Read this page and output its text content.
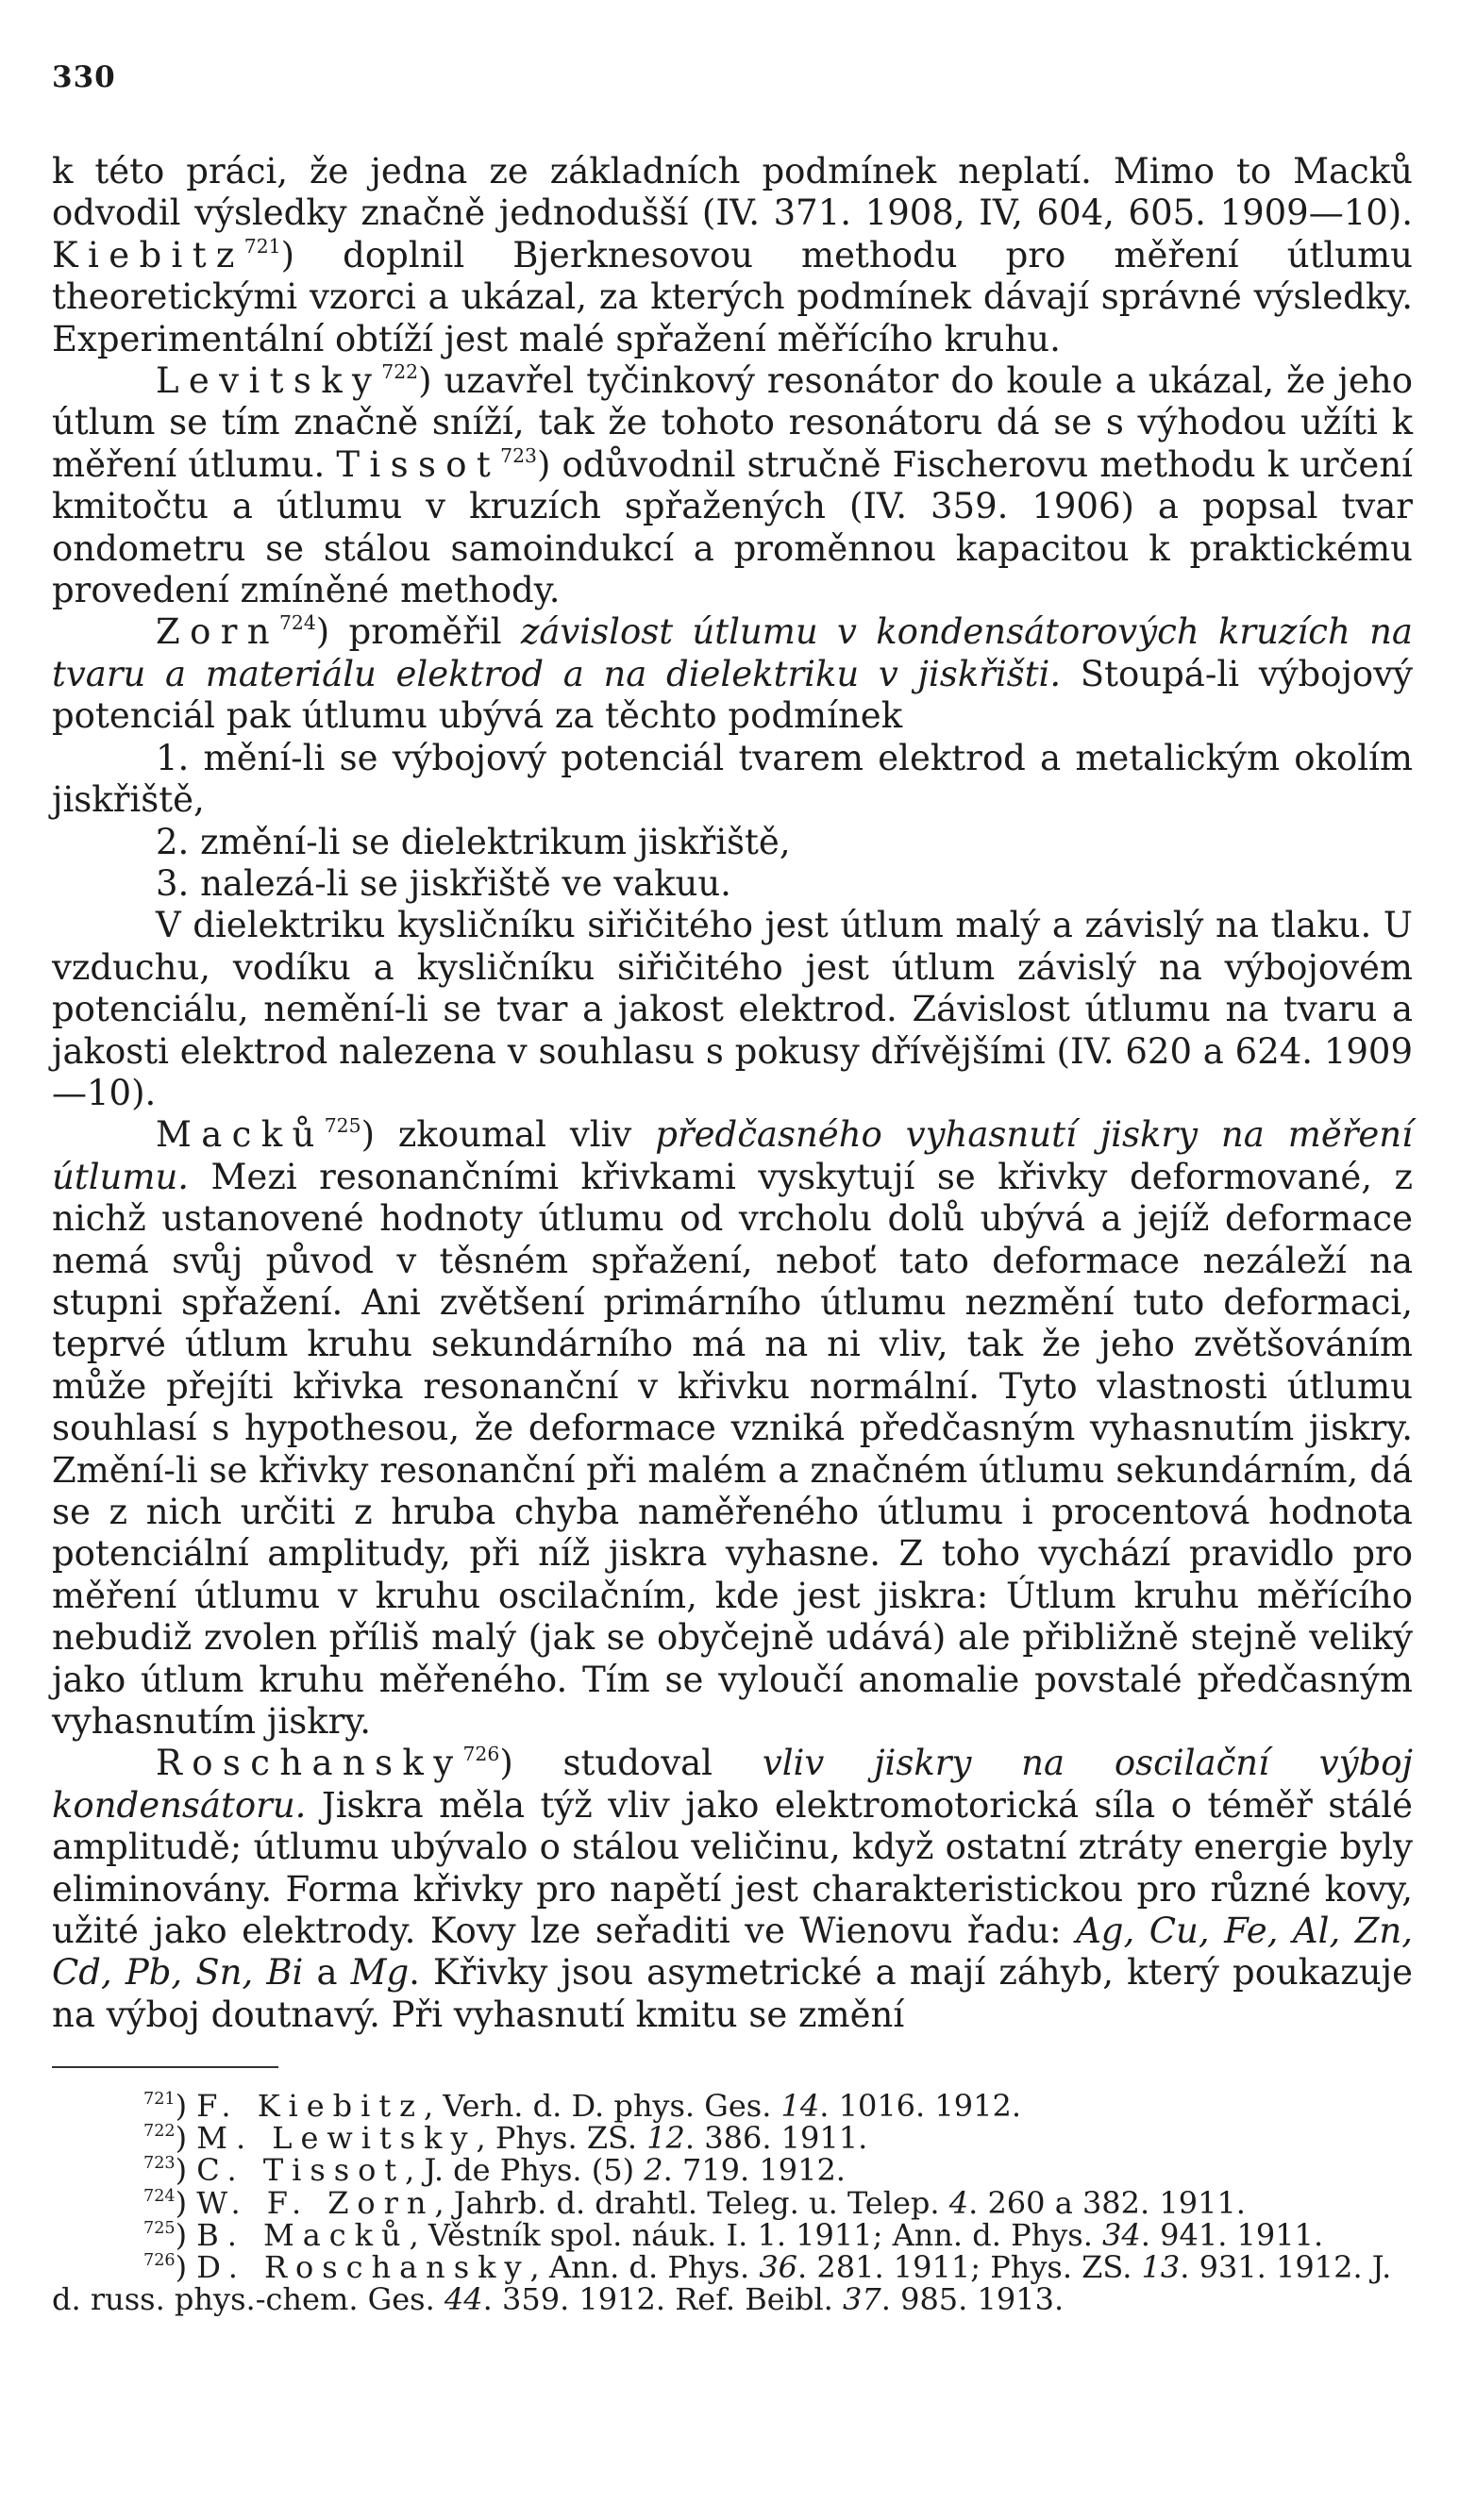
330

k této práci, že jedna ze základních podmínek neplatí. Mimo to Macků odvodil výsledky značně jednodušší (IV. 371. 1908, IV, 604, 605. 1909—10). Kiebitz$^{721}$) doplnil Bjerknesovou methodu pro měření útlumu theoretickými vzorci a ukázal, za kterých podmínek dávají správné výsledky. Experimentální obtíží jest malé spřažení měřícího kruhu.

Levitsky$^{722}$) uzavřel tyčinkový resonátor do koule a ukázal, že jeho útlum se tím značně sníží, tak že tohoto resonátoru dá se s výhodou užíti k měření útlumu. Tissot$^{723}$) odůvodnil stručně Fischerovu methodu k určení kmitočtu a útlumu v kruzích spřažených (IV. 359. 1906) a popsal tvar ondometru se stálou samoindukcí a proměnnou kapacitou k praktickému provedení zmíněné methody.

Zorn$^{724}$) proměřil závislost útlumu v kondensátorových kruzích na tvaru a materiálu elektrod a na dielektriku v jiskřišti. Stoupá-li výbojový potenciál pak útlumu ubývá za těchto podmínek

1. mění-li se výbojový potenciál tvarem elektrod a metalickým okolím jiskřiště,

2. změní-li se dielektrikum jiskřiště,

3. nalezá-li se jiskřiště ve vakuu.

V dielektriku kysličníku siřičitého jest útlum malý a závislý na tlaku. U vzduchu, vodíku a kysličníku siřičitého jest útlum závislý na výbojovém potenciálu, nemění-li se tvar a jakost elektrod. Závislost útlumu na tvaru a jakosti elektrod nalezena v souhlasu s pokusy dřívějšími (IV. 620 a 624. 1909—10).

Macků$^{725}$) zkoumal vliv předčasného vyhasnutí jiskry na měření útlumu. Mezi resonančními křivkami vyskytují se křivky deformované, z nichž ustanovené hodnoty útlumu od vrcholu dolů ubývá a jejíž deformace nemá svůj původ v těsném spřažení, neboť tato deformace nezáleží na stupni spřažení. Ani zvětšení primárního útlumu nezmění tuto deformaci, teprvé útlum kruhu sekundárního má na ni vliv, tak že jeho zvětšováním může přejíti křivka resonanční v křivku normální. Tyto vlastnosti útlumu souhlasí s hypothesou, že deformace vzniká předčasným vyhasnutím jiskry. Změní-li se křivky resonanční při malém a značném útlumu sekundárním, dá se z nich určiti z hruba chyba naměřeného útlumu i procentová hodnota potenciální amplitudy, při níž jiskra vyhasne. Z toho vychází pravidlo pro měření útlumu v kruhu oscilačním, kde jest jiskra: Útlum kruhu měřícího nebudiž zvolen příliš malý (jak se obyčejně udává) ale přibližně stejně veliký jako útlum kruhu měřeného. Tím se vyloučí anomalie povstalé předčasným vyhasnutím jiskry.

Roschansky$^{726}$) studoval vliv jiskry na oscilační výboj kondensátoru. Jiskra měla týž vliv jako elektromotorická síla o téměř stálé amplitudě; útlumu ubývalo o stálou veličinu, když ostatní ztráty energie byly eliminovány. Forma křivky pro napětí jest charakteristickou pro různé kovy, užité jako elektrody. Kovy lze seřaditi ve Wienovu řadu: Ag, Cu, Fe, Al, Zn, Cd, Pb, Sn, Bi a Mg. Křivky jsou asymetrické a mají záhyb, který poukazuje na výboj doutnavý. Při vyhasnutí kmitu se změní

$^{721}$) F. Kiebitz, Verh. d. D. phys. Ges. 14. 1016. 1912.

$^{722}$) M. Lewitsky, Phys. ZS. 12. 386. 1911.

$^{723}$) C. Tissot, J. de Phys. (5) 2. 719. 1912.

$^{724}$) W. F. Zorn, Jahrb. d. drahtl. Teleg. u. Telep. 4. 260 a 382. 1911.

$^{725}$) B. Macků, Věstník spol. náuk. I. 1. 1911; Ann. d. Phys. 34. 941. 1911.

$^{726}$) D. Roschansky, Ann. d. Phys. 36. 281. 1911; Phys. ZS. 13. 931. 1912. J. d. russ. phys.-chem. Ges. 44. 359. 1912. Ref. Beibl. 37. 985. 1913.
